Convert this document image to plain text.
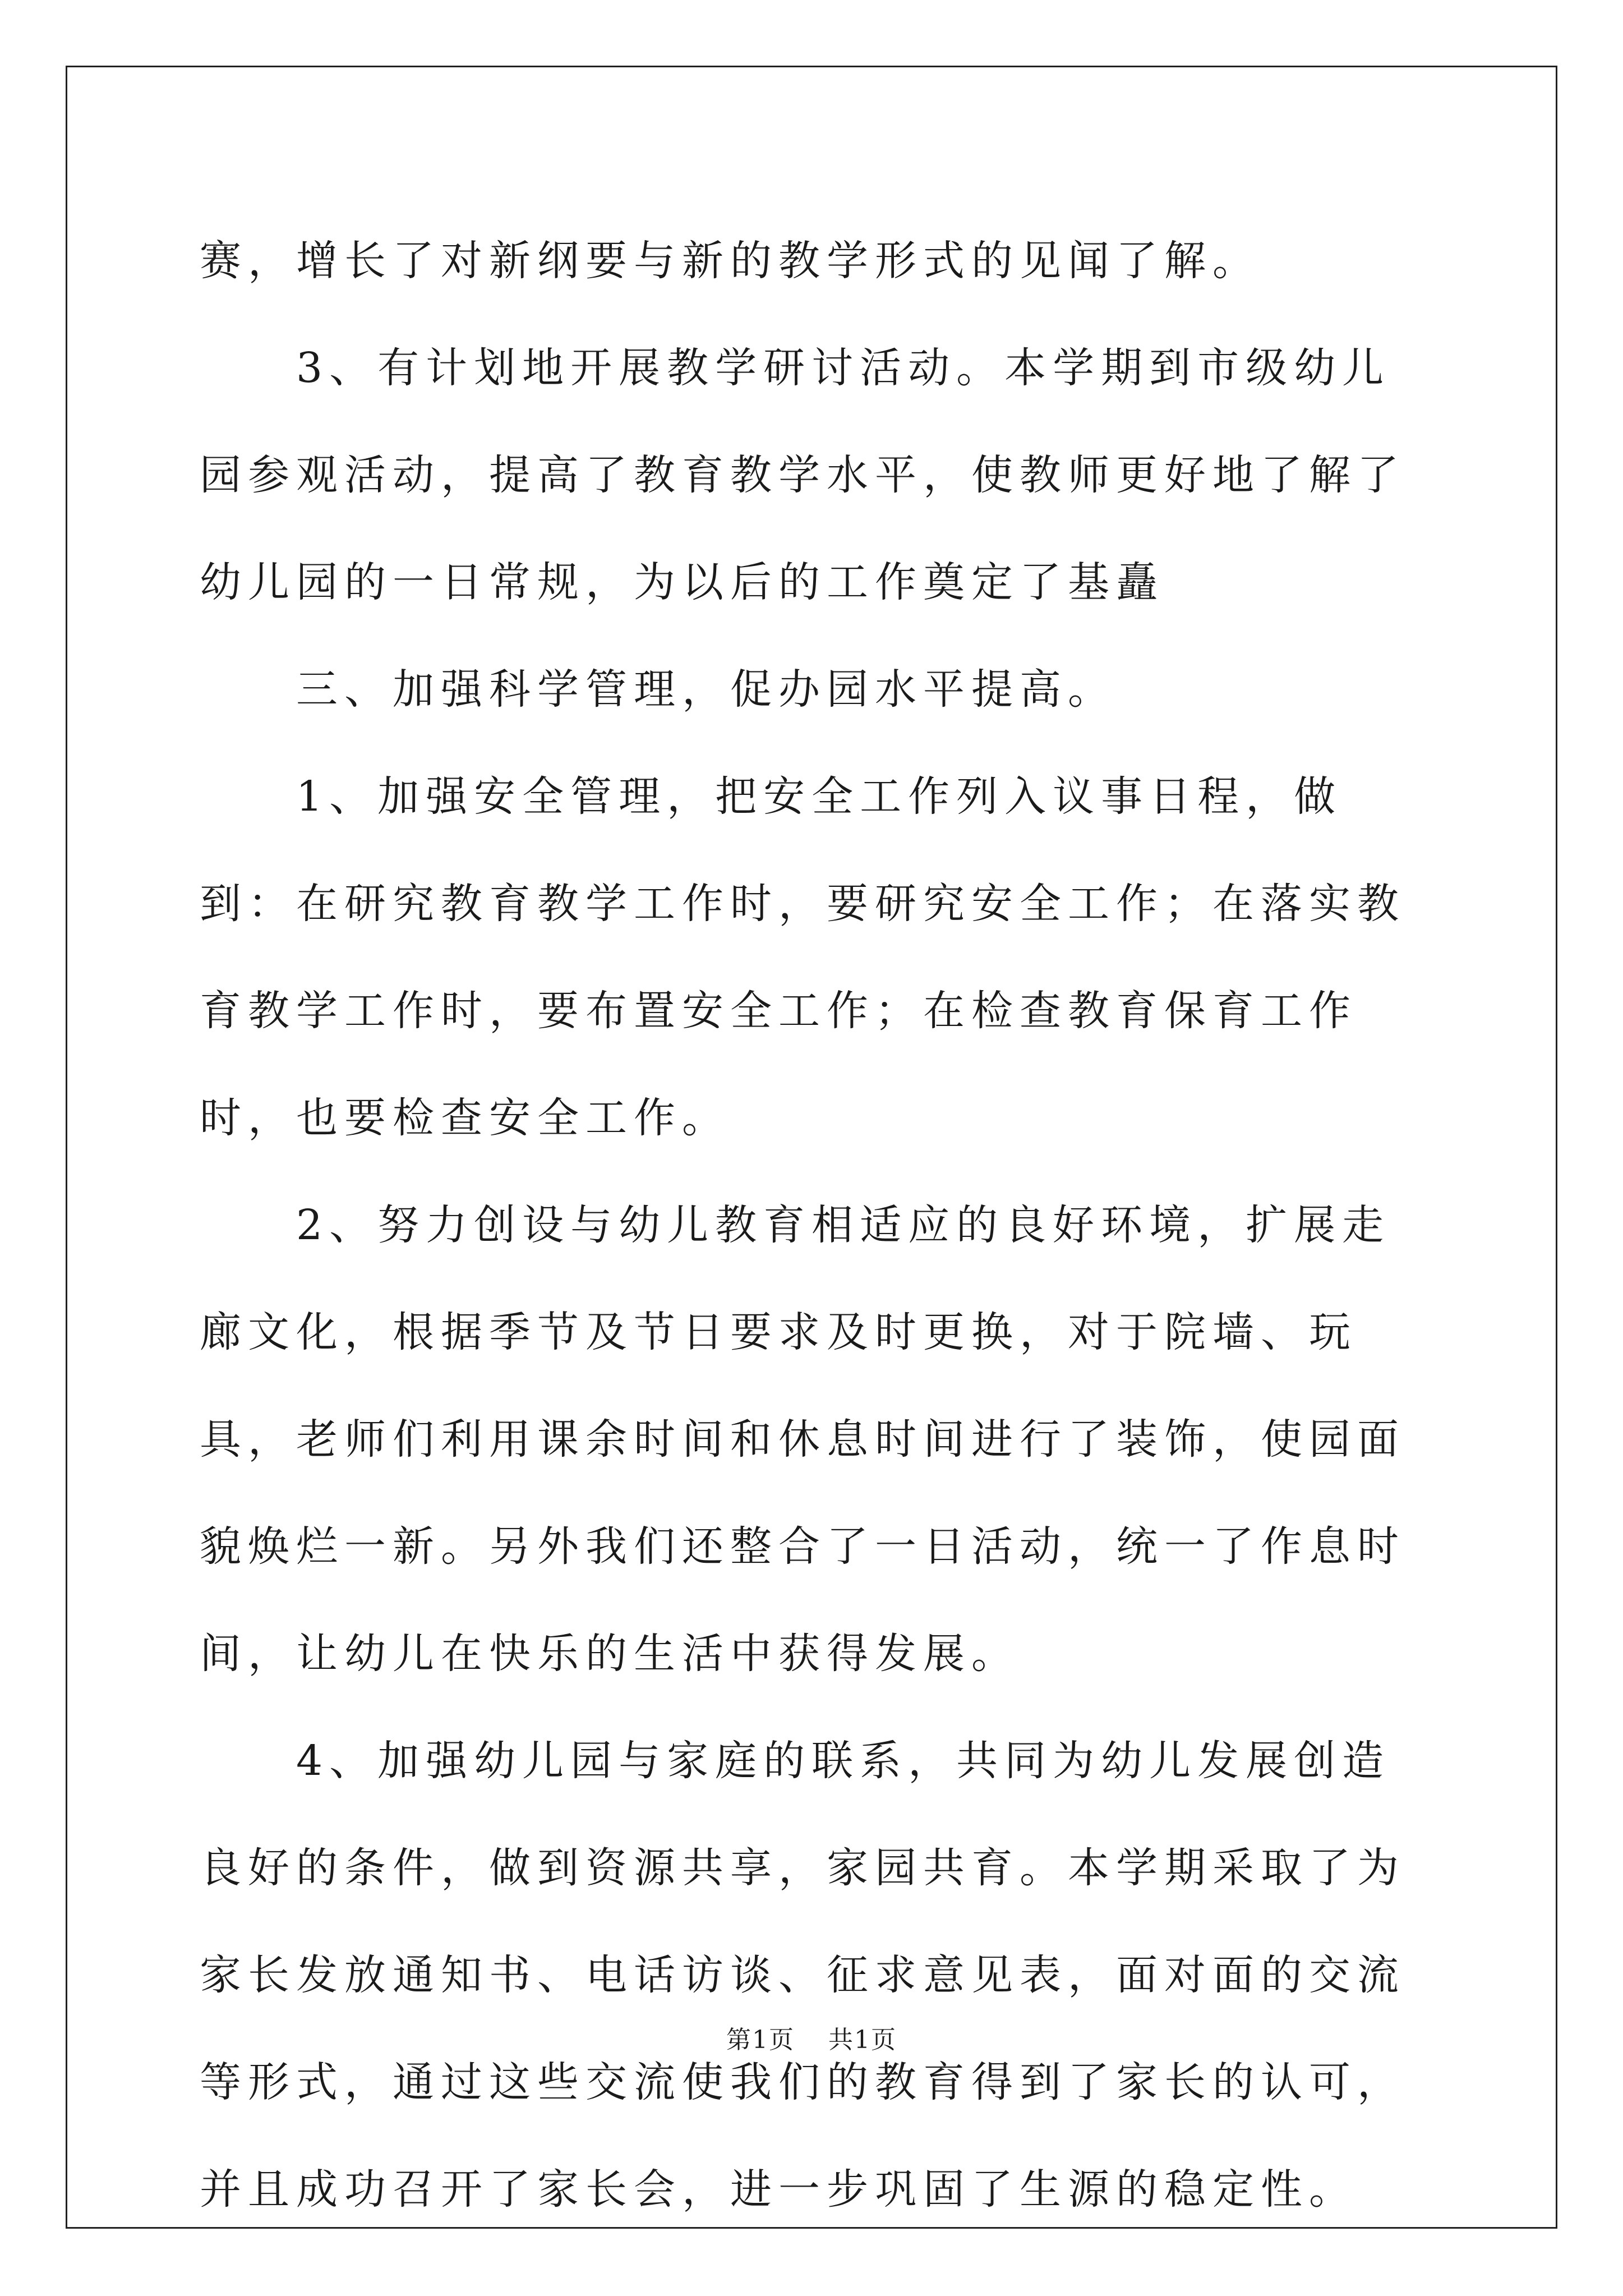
赛，增长了对新纲要与新的教学形式的见闻了解。

3、有计划地开展教学研讨活动。本学期到市级幼儿园参观活动，提高了教育教学水平，使教师更好地了解了幼儿园的一日常规，为以后的工作奠定了基矗

三、加强科学管理，促办园水平提高。

1、加强安全管理，把安全工作列入议事日程，做到：在研究教育教学工作时，要研究安全工作；在落实教育教学工作时，要布置安全工作；在检查教育保育工作时，也要检查安全工作。

2、努力创设与幼儿教育相适应的良好环境，扩展走廊文化，根据季节及节日要求及时更换，对于院墙、玩具，老师们利用课余时间和休息时间进行了装饰，使园面貌焕烂一新。另外我们还整合了一日活动，统一了作息时间，让幼儿在快乐的生活中获得发展。

4、加强幼儿园与家庭的联系，共同为幼儿发展创造良好的条件，做到资源共享，家园共育。本学期采取了为家长发放通知书、电话访谈、征求意见表，面对面的交流等形式，通过这些交流使我们的教育得到了家长的认可，并且成功召开了家长会，进一步巩固了生源的稳定性。

第1页 共1页
